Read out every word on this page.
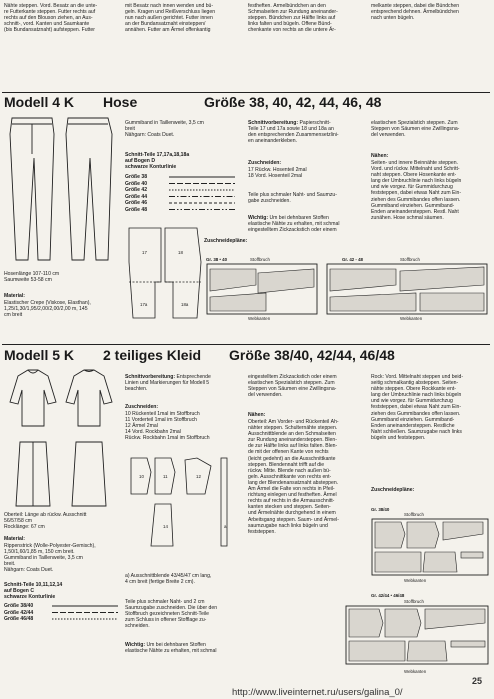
Nähte steppen. Vord. Besatz an die unte-
re Futterkante steppen. Futter rechts auf
rechts auf den Blouson ziehen, an Aus-
schnitt-, vord. Kanten und Saumkante
(bis Bundansatznaht) aufsteppen. Futter
mit Besatz nach innen wenden und bü-
geln. Kragen und Reißverschluss liegen
nun nach außen gerichtet. Futter innen
an der Bundansatznaht einsteppen/
annähen. Futter am Ärmel offenkantig
festheften. Ärmelbündchen an den
Schmalseiten zur Rundung aneinander-
steppen. Bündchen zur Hälfte links auf
links falten und bügeln. Offene Bünd-
chenkante von rechts an die untere Är-
melkante steppen, dabei die Bündchen
entsprechend dehnen. Ärmelbündchen
nach unten bügeln.
Modell 4 K Hose	Größe 38, 40, 42, 44, 46, 48
Hosenlänge 107-110 cm
Saumweite 53-58 cm
Material:
Elastischer Crepe (Viskose, Elasthan),
1,25/1,30/1,95/2,00/2,00/2,00 m, 145
cm breit
Gummiband in Taillenweite, 3,5 cm
breit
Nähgarn: Coats Duet.
Schnitt-Teile 17,17a,18,18a
auf Bogen D
schwarze Konturlinie
Größe 38
Größe 40
Größe 42
Größe 44
Größe 46
Größe 48
17	18
17a	18a
Zuschneidepläne:
Schnittvorbereitung: Papierschnitt-
Teile 17 und 17a sowie 18 und 18a an
den entsprechenden Zusammensetzlini-
en aneinanderkleben.
Zuschneiden:
17 Rückw. Hosenteil 2mal
18 Vord. Hosenteil 2mal
Teile plus schmaler Naht- und Saumzu-
gabe zuschneiden.
Wichtig: Um bei dehnbaren Stoffen
elastische Nähte zu erhalten, mit schmal
eingestelltem Zickzackstich oder einem
elastischen Spezialstich steppen. Zum
Steppen von Säumen eine Zwillingsna-
del verwenden.
Nähen:
Seiten- und innere Beinnähte steppen.
Vord. und rückw. Mittelnaht und Schritt-
naht steppen. Obere Hosenkante ent-
lang der Umbruchlinie nach links bügeln
und wie vorgez. für Gummidurchzug
feststeppen, dabei etwas Naht zum Ein-
ziehen des Gummibandes offen lassen.
Gummiband einziehen. Gummiband-
Enden aneinandersteppen. Restl. Naht
zunähen. Hose schmal säumen.
Gr. 38 • 40	Stoffbruch
Webkanten
Gr. 42 - 48	Stoffbruch
Webkanten
Modell 5 K 2 teiliges Kleid Größe 38/40, 42/44, 46/48
Oberteil: Länge ab rückw. Ausschnitt
56/57/58 cm
Rocklänge: 67 cm
Material:
Rippenstrick (Wolle-Polyester-Gemisch),
1,50/1,60/1,85 m, 150 cm breit.
Gummiband in Taillenweite, 3,5 cm
breit.
Nähgarn: Coats Duet.
Schnitt-Teile 10,11,12,14
auf Bogen C
schwarze Konturlinie
Größe 38/40
Größe 42/44
Größe 46/48
Schnittvorbereitung: Entsprechende
Linien und Markierungen für Modell 5
beachten.
Zuschneiden:
10 Rückenteil 1mal im Stoffbruch
11 Vorderteil 1mal im Stoffbruch
12 Ärmel 2mal
14 Vord. Rockbahn 2mal
Rückw. Rockbahn 1mal im Stoffbruch
10	11	12
14	a
a) Ausschnittblende 43/45/47 cm lang,
4 cm breit (fertige Breite 2 cm).
Teile plus schmaler Naht- und 2 cm
Saumzugabe zuschneiden. Die über den
Stoffbruch gezeichneten Schnitt-Teile
zum Schluss in offener Stofflage zu-
schneiden.
Wichtig: Um bei dehnbaren Stoffen
elastische Nähte zu erhalten, mit schmal
eingestelltem Zickzackstich oder einem
elastischen Spezialstich steppen. Zum
Steppen von Säumen eine Zwillingsna-
del verwenden.
Nähen:
Oberteil: Am Vorder- und Rückenteil Äh-
nähter steppen. Schulternähte steppen.
Ausschnittblende an den Schmalseiten
zur Rundung aneinandersteppen. Blen-
de zur Hälfte links auf links falten. Blen-
de mit der offenen Kante von rechts
(leicht gedehnt) an die Ausschnittkante
steppen. Blendennaht trifft auf die
rückw. Mitte. Blende nach außen bü-
geln. Ausschnittkante von rechts ent-
lang der Blendenansatznaht absteppen.
Am Ärmel die Falte von rechts in Pfeil-
richtung einlegen und festheften. Ärmel
rechts auf rechts in die Armausschnitt-
kanten stecken und steppen. Seiten-
und Ärmelnähte durchgehend in einem
Arbeitsgang steppen. Saum- und Ärmel-
saumzugabe nach links bügeln und
feststeppen.
Rock: Vord. Mittelnaht steppen und beid-
seitig schmalkantig absteppen. Seiten-
nähte steppen. Obere Rockkante ent-
lang der Umbruchlinie nach links bügeln
und wie vorgez. für Gummidurchzug
feststeppen, dabei etwas Naht zum Ein-
ziehen des Gummibandes offen lassen.
Gummiband einziehen. Gummiband-
Enden aneinandersteppen. Restliche
Naht schließen. Saumzugabe nach links
bügeln und feststeppen.
Zuschneidepläne:
Gr. 38/40
Stoffbruch
Webkanten
Gr. 42/44 • 46/48
Stoffbruch
Webkanten
25
http://www.liveinternet.ru/users/galina_0/
